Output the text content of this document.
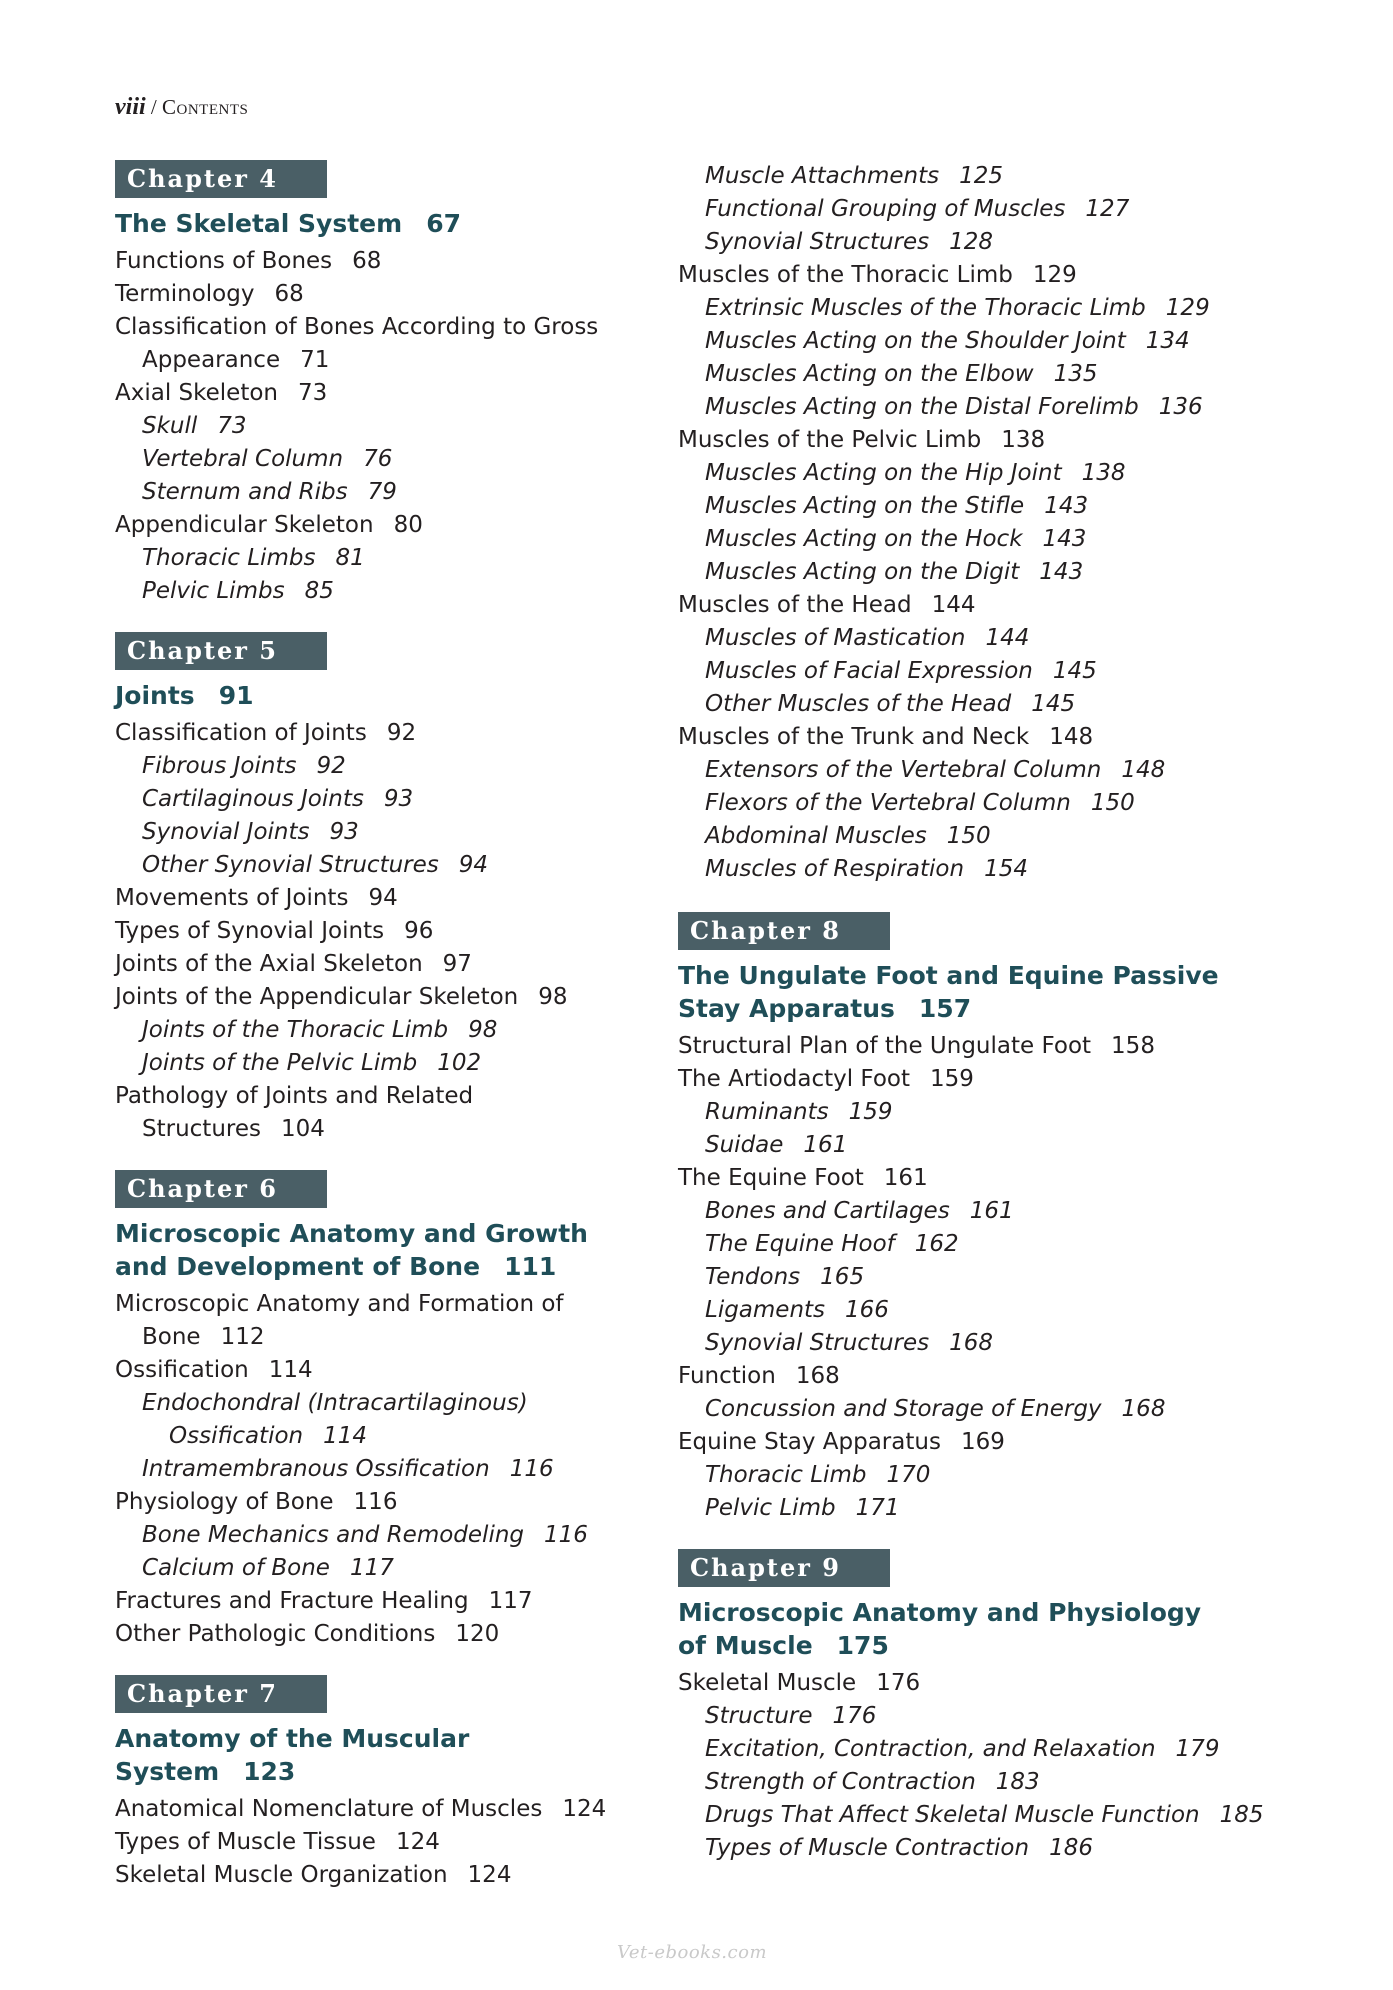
viii / Contents
Chapter 4
The Skeletal System 67
Functions of Bones 68
Terminology 68
Classification of Bones According to Gross
Appearance 71
Axial Skeleton 73
Skull 73
Vertebral Column 76
Sternum and Ribs 79
Appendicular Skeleton 80
Thoracic Limbs 81
Pelvic Limbs 85
Chapter 5
Joints 91
Classification of Joints 92
Fibrous Joints 92
Cartilaginous Joints 93
Synovial Joints 93
Other Synovial Structures 94
Movements of Joints 94
Types of Synovial Joints 96
Joints of the Axial Skeleton 97
Joints of the Appendicular Skeleton 98
Joints of the Thoracic Limb 98
Joints of the Pelvic Limb 102
Pathology of Joints and Related
Structures 104
Chapter 6
Microscopic Anatomy and Growth
and Development of Bone 111
Microscopic Anatomy and Formation of
Bone 112
Ossification 114
Endochondral (Intracartilaginous)
Ossification 114
Intramembranous Ossification 116
Physiology of Bone 116
Bone Mechanics and Remodeling 116
Calcium of Bone 117
Fractures and Fracture Healing 117
Other Pathologic Conditions 120
Chapter 7
Anatomy of the Muscular System 123
Anatomical Nomenclature of Muscles 124
Types of Muscle Tissue 124
Skeletal Muscle Organization 124
Muscle Attachments 125
Functional Grouping of Muscles 127
Synovial Structures 128
Muscles of the Thoracic Limb 129
Extrinsic Muscles of the Thoracic Limb 129
Muscles Acting on the Shoulder Joint 134
Muscles Acting on the Elbow 135
Muscles Acting on the Distal Forelimb 136
Muscles of the Pelvic Limb 138
Muscles Acting on the Hip Joint 138
Muscles Acting on the Stifle 143
Muscles Acting on the Hock 143
Muscles Acting on the Digit 143
Muscles of the Head 144
Muscles of Mastication 144
Muscles of Facial Expression 145
Other Muscles of the Head 145
Muscles of the Trunk and Neck 148
Extensors of the Vertebral Column 148
Flexors of the Vertebral Column 150
Abdominal Muscles 150
Muscles of Respiration 154
Chapter 8
The Ungulate Foot and Equine Passive
Stay Apparatus 157
Structural Plan of the Ungulate Foot 158
The Artiodactyl Foot 159
Ruminants 159
Suidae 161
The Equine Foot 161
Bones and Cartilages 161
The Equine Hoof 162
Tendons 165
Ligaments 166
Synovial Structures 168
Function 168
Concussion and Storage of Energy 168
Equine Stay Apparatus 169
Thoracic Limb 170
Pelvic Limb 171
Chapter 9
Microscopic Anatomy and Physiology
of Muscle 175
Skeletal Muscle 176
Structure 176
Excitation, Contraction, and Relaxation 179
Strength of Contraction 183
Drugs That Affect Skeletal Muscle Function 185
Types of Muscle Contraction 186
Vet-ebooks.com
